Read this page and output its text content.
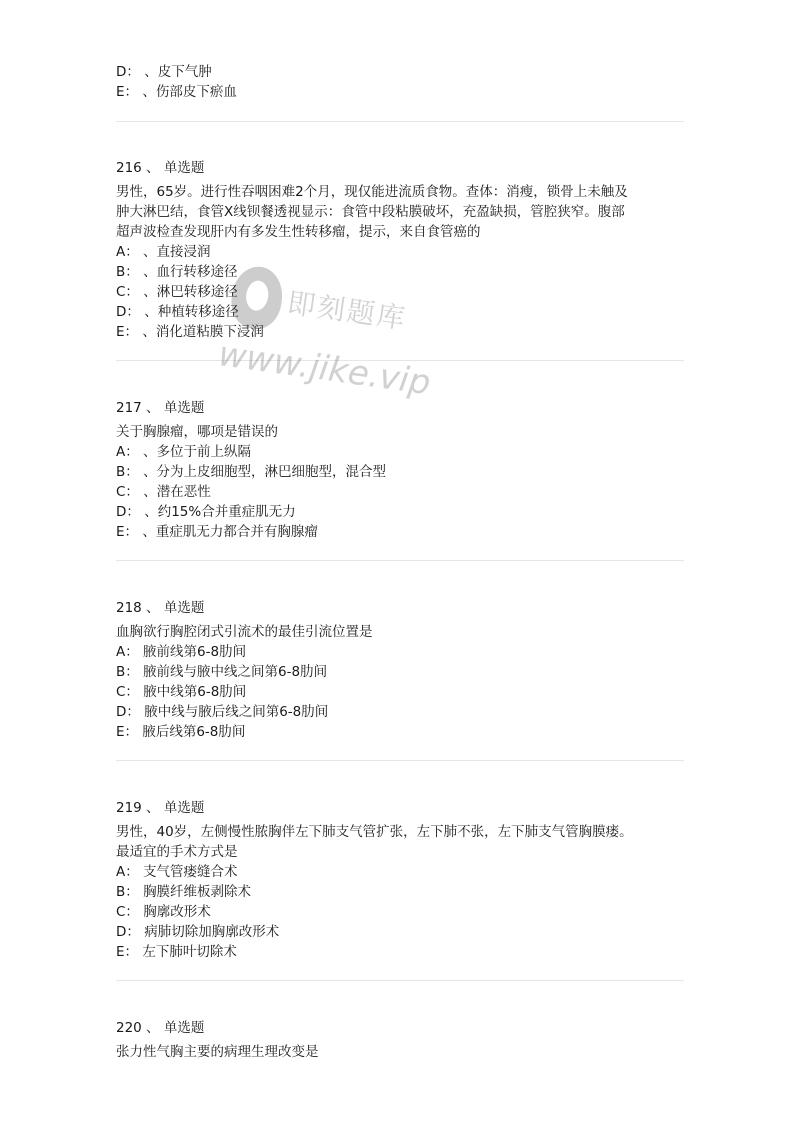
D： 、皮下气肿
E： 、伤部皮下瘀血
216 、 单选题
男性，65岁。进行性吞咽困难2个月，现仅能进流质食物。查体：消瘦，锁骨上未触及
肿大淋巴结，食管X线钡餐透视显示：食管中段粘膜破坏，充盈缺损，管腔狭窄。腹部
超声波检查发现肝内有多发生性转移瘤，提示，来自食管癌的
A： 、直接浸润
B： 、血行转移途径
C： 、淋巴转移途径
D： 、种植转移途径
E： 、消化道粘膜下浸润
217 、 单选题
关于胸腺瘤，哪项是错误的
A： 、多位于前上纵隔
B： 、分为上皮细胞型，淋巴细胞型，混合型
C： 、潜在恶性
D： 、约15%合并重症肌无力
E： 、重症肌无力都合并有胸腺瘤
218 、 单选题
血胸欲行胸腔闭式引流术的最佳引流位置是
A： 腋前线第6-8肋间
B： 腋前线与腋中线之间第6-8肋间
C： 腋中线第6-8肋间
D： 腋中线与腋后线之间第6-8肋间
E： 腋后线第6-8肋间
219 、 单选题
男性，40岁，左侧慢性脓胸伴左下肺支气管扩张，左下肺不张，左下肺支气管胸膜瘘。
最适宜的手术方式是
A： 支气管瘘缝合术
B： 胸膜纤维板剥除术
C： 胸廓改形术
D： 病肺切除加胸廓改形术
E： 左下肺叶切除术
220 、 单选题
张力性气胸主要的病理生理改变是
即刻题库
www.jike.vip
